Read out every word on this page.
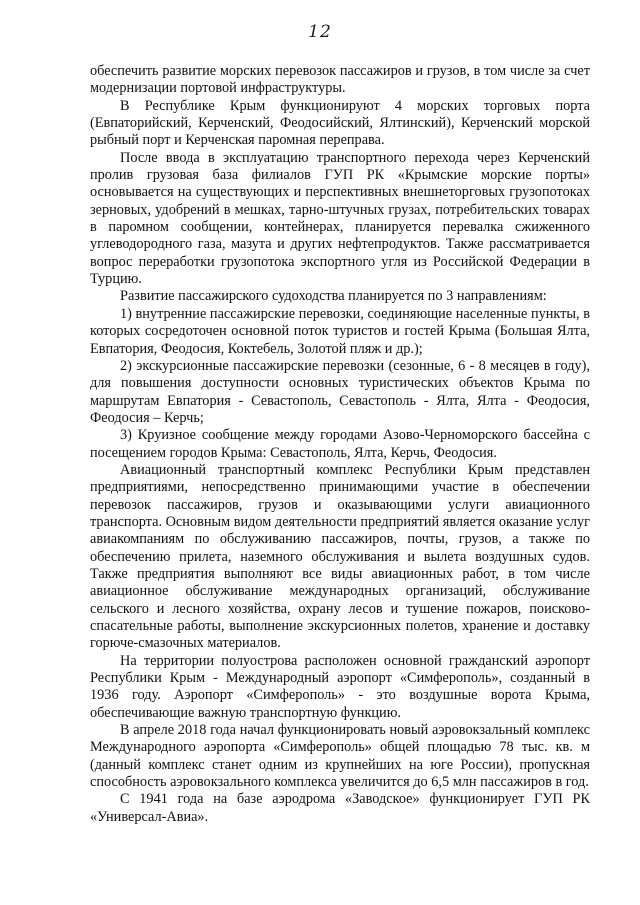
12

обеспечить развитие морских перевозок пассажиров и грузов, в том числе за счет модернизации портовой инфраструктуры.

В Республике Крым функционируют 4 морских торговых порта (Евпаторийский, Керченский, Феодосийский, Ялтинский), Керченский морской рыбный порт и Керченская паромная переправа.

После ввода в эксплуатацию транспортного перехода через Керченский пролив грузовая база филиалов ГУП РК «Крымские морские порты» основывается на существующих и перспективных внешнеторговых грузопотоках зерновых, удобрений в мешках, тарно-штучных грузах, потребительских товарах в паромном сообщении, контейнерах, планируется перевалка сжиженного углеводородного газа, мазута и других нефтепродуктов. Также рассматривается вопрос переработки грузопотока экспортного угля из Российской Федерации в Турцию.

Развитие пассажирского судоходства планируется по 3 направлениям:

1) внутренние пассажирские перевозки, соединяющие населенные пункты, в которых сосредоточен основной поток туристов и гостей Крыма (Большая Ялта, Евпатория, Феодосия, Коктебель, Золотой пляж и др.);

2) экскурсионные пассажирские перевозки (сезонные, 6 - 8 месяцев в году), для повышения доступности основных туристических объектов Крыма по маршрутам Евпатория - Севастополь, Севастополь - Ялта, Ялта - Феодосия, Феодосия – Керчь;

3) Круизное сообщение между городами Азово-Черноморского бассейна с посещением городов Крыма: Севастополь, Ялта, Керчь, Феодосия.

Авиационный транспортный комплекс Республики Крым представлен предприятиями, непосредственно принимающими участие в обеспечении перевозок пассажиров, грузов и оказывающими услуги авиационного транспорта. Основным видом деятельности предприятий является оказание услуг авиакомпаниям по обслуживанию пассажиров, почты, грузов, а также по обеспечению прилета, наземного обслуживания и вылета воздушных судов. Также предприятия выполняют все виды авиационных работ, в том числе авиационное обслуживание международных организаций, обслуживание сельского и лесного хозяйства, охрану лесов и тушение пожаров, поисково-спасательные работы, выполнение экскурсионных полетов, хранение и доставку горюче-смазочных материалов.

На территории полуострова расположен основной гражданский аэропорт Республики Крым - Международный аэропорт «Симферополь», созданный в 1936 году. Аэропорт «Симферополь» - это воздушные ворота Крыма, обеспечивающие важную транспортную функцию.

В апреле 2018 года начал функционировать новый аэровокзальный комплекс Международного аэропорта «Симферополь» общей площадью 78 тыс. кв. м (данный комплекс станет одним из крупнейших на юге России), пропускная способность аэровокзального комплекса увеличится до 6,5 млн пассажиров в год.

С 1941 года на базе аэродрома «Заводское» функционирует ГУП РК «Универсал-Авиа».
